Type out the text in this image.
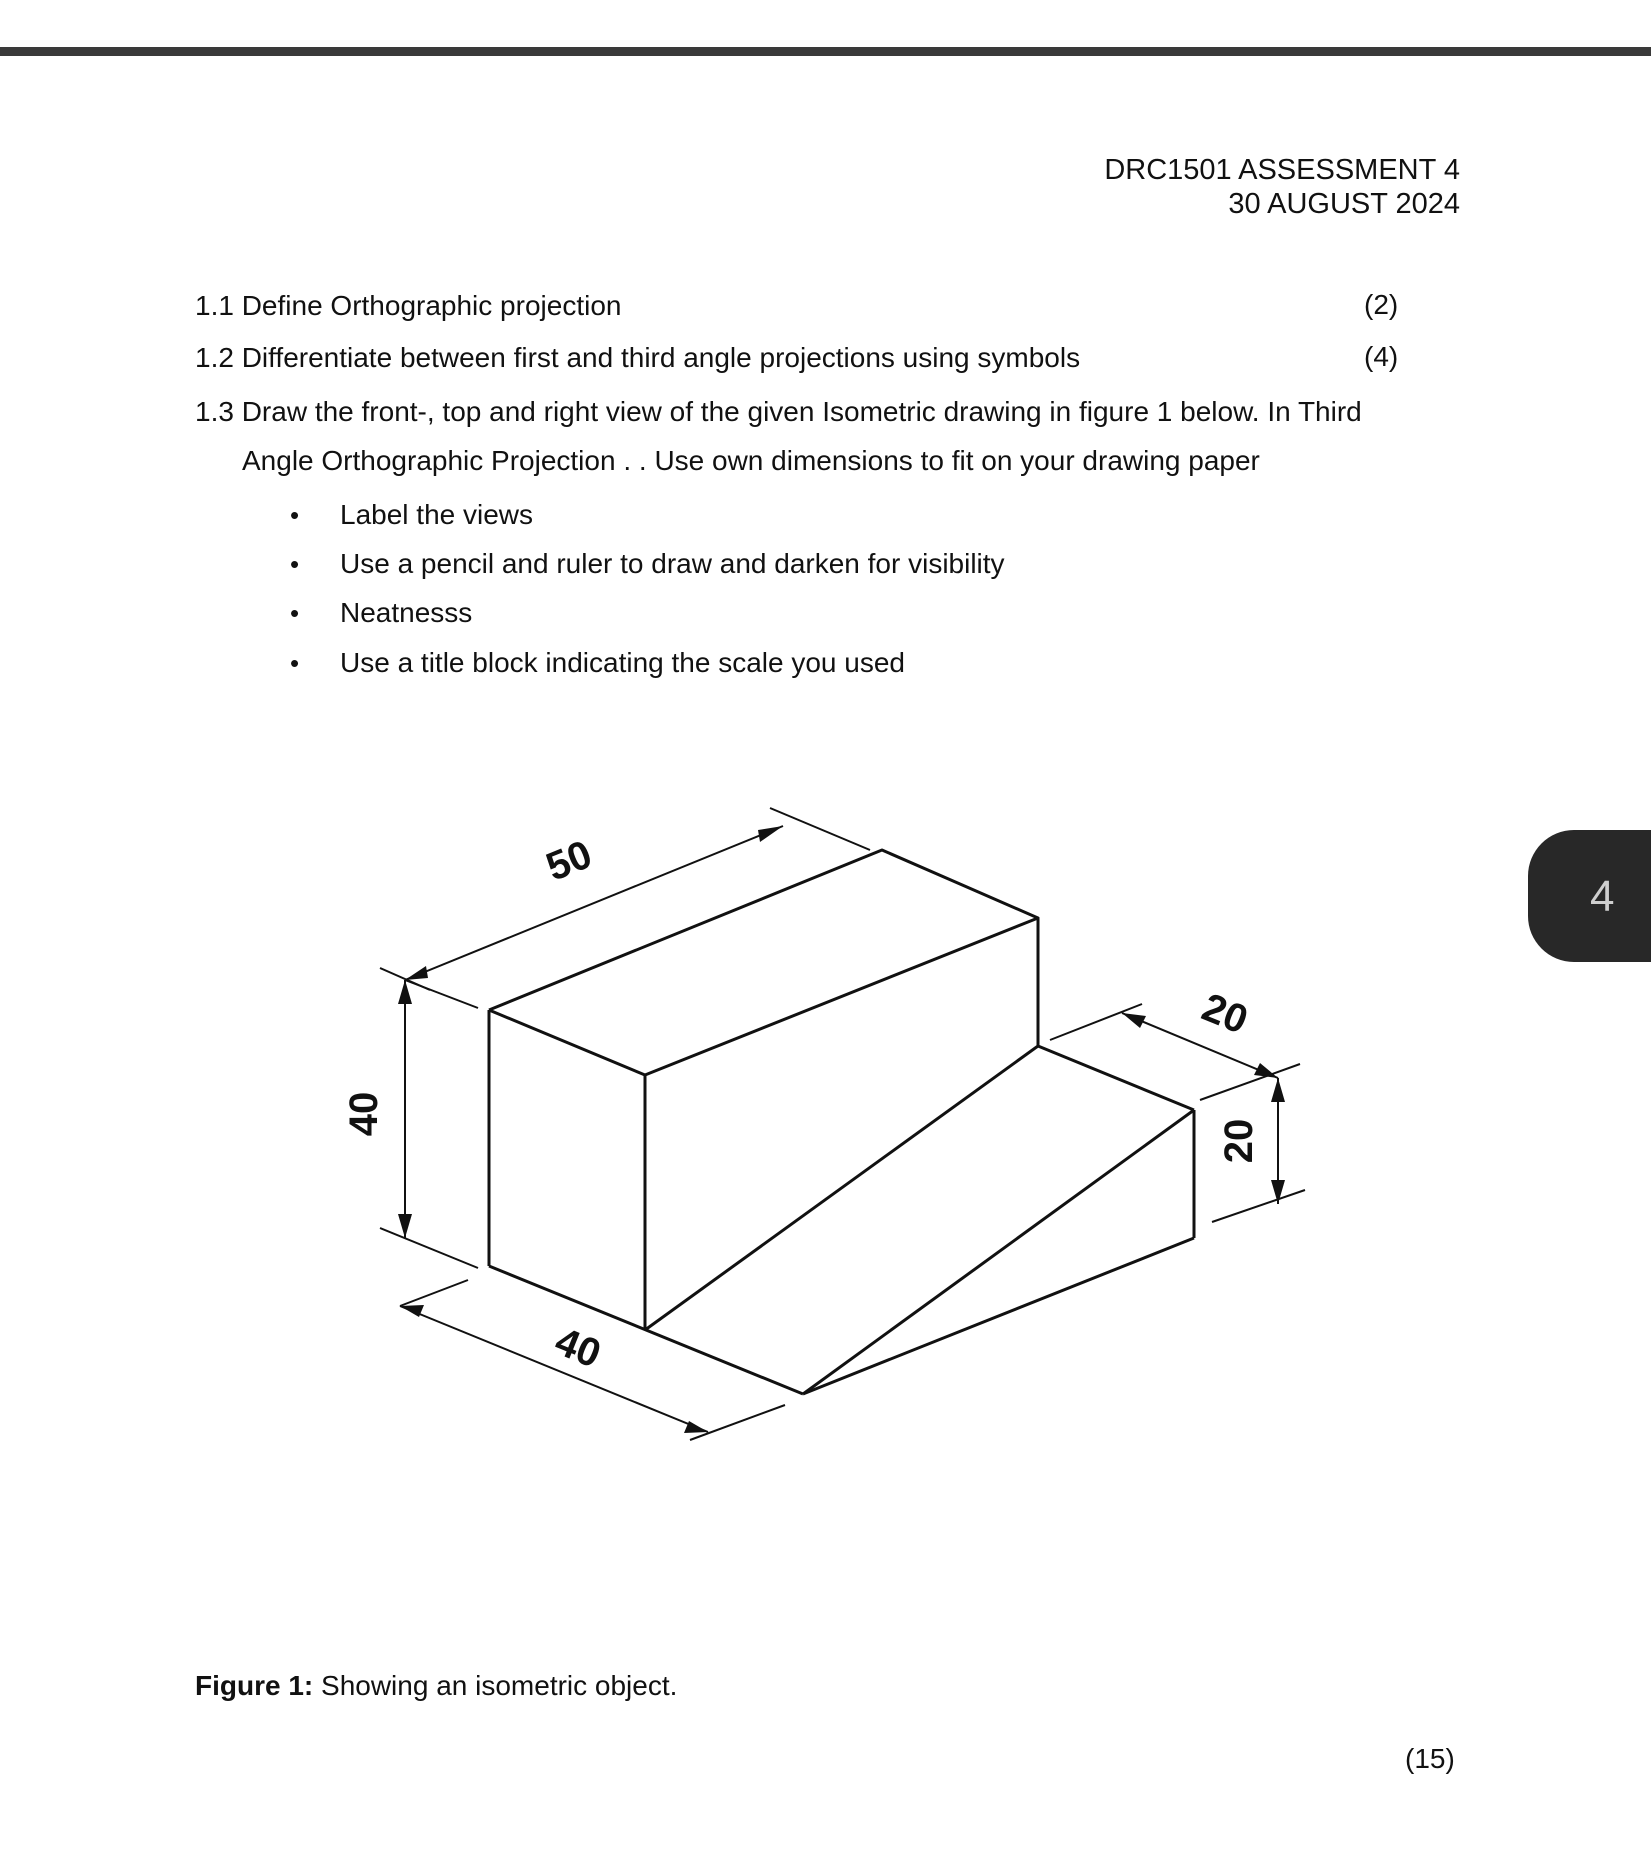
DRC1501 ASSESSMENT 4
30 AUGUST 2024
1.1 Define Orthographic projection	(2)
1.2 Differentiate between first and third angle projections using symbols	(4)
1.3 Draw the front-, top and right view of the given Isometric drawing in figure 1 below. In Third
Angle Orthographic Projection . . Use own dimensions to fit on your drawing paper
• Label the views
• Use a pencil and ruler to draw and darken for visibility
• Neatnesss
• Use a title block indicating the scale you used
50
40
40
20
20
Figure 1: Showing an isometric object.
(15)
4
